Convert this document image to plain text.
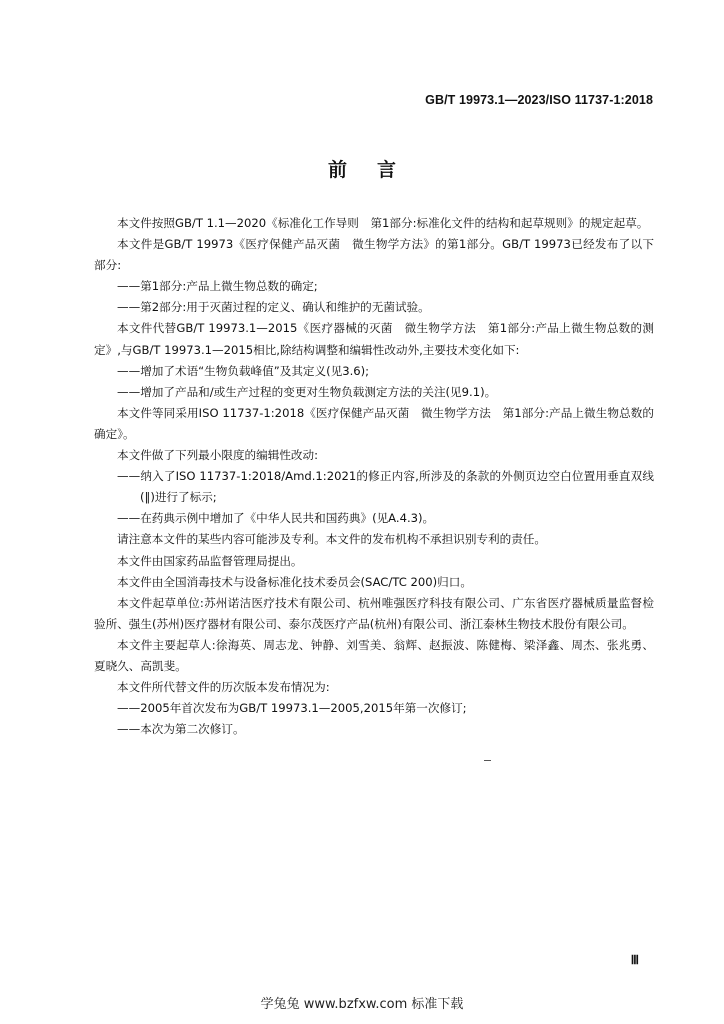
GB/T 19973.1—2023/ISO 11737-1:2018
前言

本文件按照GB/T 1.1—2020《标准化工作导则　第1部分:标准化文件的结构和起草规则》的规定起草。

本文件是GB/T 19973《医疗保健产品灭菌　微生物学方法》的第1部分。GB/T 19973已经发布了以下部分:

——第1部分:产品上微生物总数的确定;

——第2部分:用于灭菌过程的定义、确认和维护的无菌试验。

本文件代替GB/T 19973.1—2015《医疗器械的灭菌　微生物学方法　第1部分:产品上微生物总数的测定》,与GB/T 19973.1—2015相比,除结构调整和编辑性改动外,主要技术变化如下:

——增加了术语“生物负载峰值”及其定义(见3.6);

——增加了产品和/或生产过程的变更对生物负载测定方法的关注(见9.1)。

本文件等同采用ISO 11737-1:2018《医疗保健产品灭菌　微生物学方法　第1部分:产品上微生物总数的确定》。

本文件做了下列最小限度的编辑性改动:

——纳入了ISO 11737-1:2018/Amd.1:2021的修正内容,所涉及的条款的外侧页边空白位置用垂直双线(‖)进行了标示;

——在药典示例中增加了《中华人民共和国药典》(见A.4.3)。

请注意本文件的某些内容可能涉及专利。本文件的发布机构不承担识别专利的责任。

本文件由国家药品监督管理局提出。

本文件由全国消毒技术与设备标准化技术委员会(SAC/TC 200)归口。

本文件起草单位:苏州诺洁医疗技术有限公司、杭州唯强医疗科技有限公司、广东省医疗器械质量监督检验所、强生(苏州)医疗器材有限公司、泰尔茂医疗产品(杭州)有限公司、浙江泰林生物技术股份有限公司。

本文件主要起草人:徐海英、周志龙、钟静、刘雪美、翁辉、赵振波、陈健梅、梁泽鑫、周杰、张兆勇、夏晓久、高凯斐。

本文件所代替文件的历次版本发布情况为:

——2005年首次发布为GB/T 19973.1—2005,2015年第一次修订;

——本次为第二次修订。

Ⅲ
学兔兔 www.bzfxw.com 标准下载
